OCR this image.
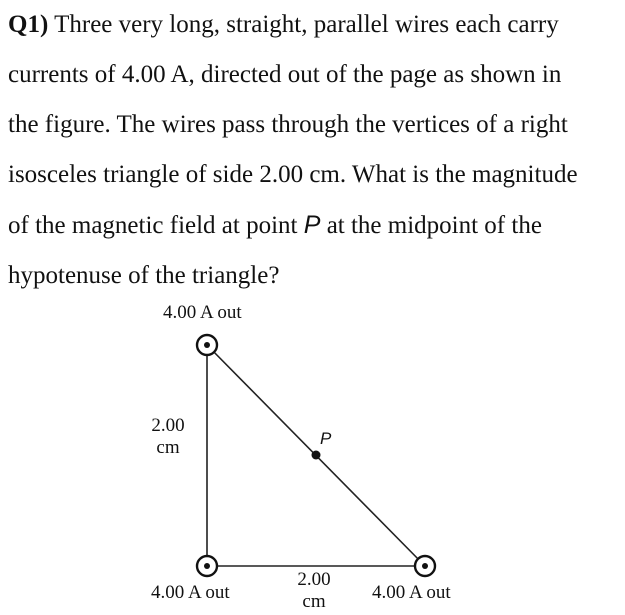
Q1) Three very long, straight, parallel wires each carry
currents of 4.00 A, directed out of the page as shown in
the figure. The wires pass through the vertices of a right
isosceles triangle of side 2.00 cm. What is the magnitude
of the magnetic field at point P at the midpoint of the
hypotenuse of the triangle?
4.00 A out
2.00
cm	P
2.00
cm
4.00 A out	4.00 A out
